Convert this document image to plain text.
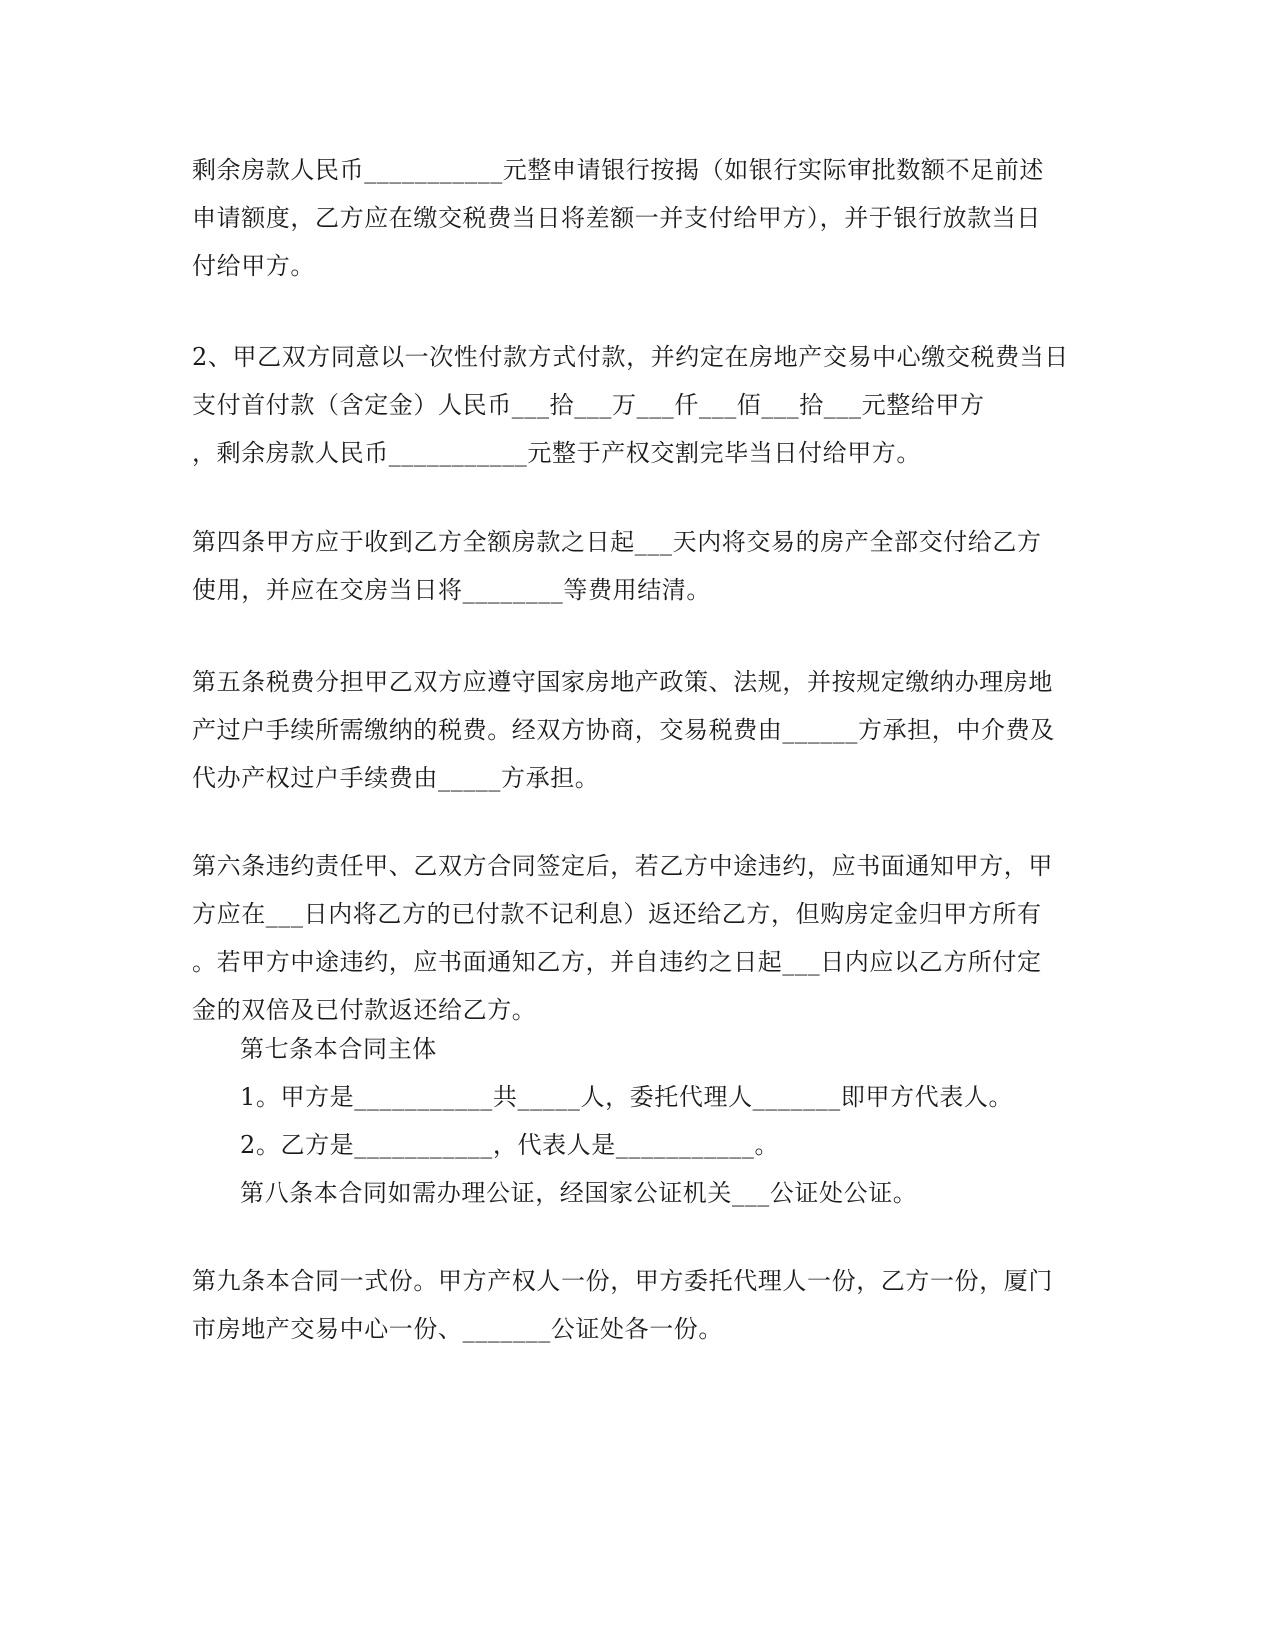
剩余房款人民币___________元整申请银行按揭（如银行实际审批数额不足前述
申请额度，乙方应在缴交税费当日将差额一并支付给甲方），并于银行放款当日
付给甲方。
2、甲乙双方同意以一次性付款方式付款，并约定在房地产交易中心缴交税费当日
支付首付款（含定金）人民币___拾___万___仟___佰___拾___元整给甲方
，剩余房款人民币___________元整于产权交割完毕当日付给甲方。
第四条甲方应于收到乙方全额房款之日起___天内将交易的房产全部交付给乙方
使用，并应在交房当日将________等费用结清。
第五条税费分担甲乙双方应遵守国家房地产政策、法规，并按规定缴纳办理房地
产过户手续所需缴纳的税费。经双方协商，交易税费由______方承担，中介费及
代办产权过户手续费由_____方承担。
第六条违约责任甲、乙双方合同签定后，若乙方中途违约，应书面通知甲方，甲
方应在___日内将乙方的已付款不记利息）返还给乙方，但购房定金归甲方所有
。若甲方中途违约，应书面通知乙方，并自违约之日起___日内应以乙方所付定
金的双倍及已付款返还给乙方。
第七条本合同主体
1。甲方是___________共_____人，委托代理人_______即甲方代表人。
2。乙方是___________，代表人是___________。
第八条本合同如需办理公证，经国家公证机关___公证处公证。
第九条本合同一式份。甲方产权人一份，甲方委托代理人一份，乙方一份，厦门
市房地产交易中心一份、_______公证处各一份。
